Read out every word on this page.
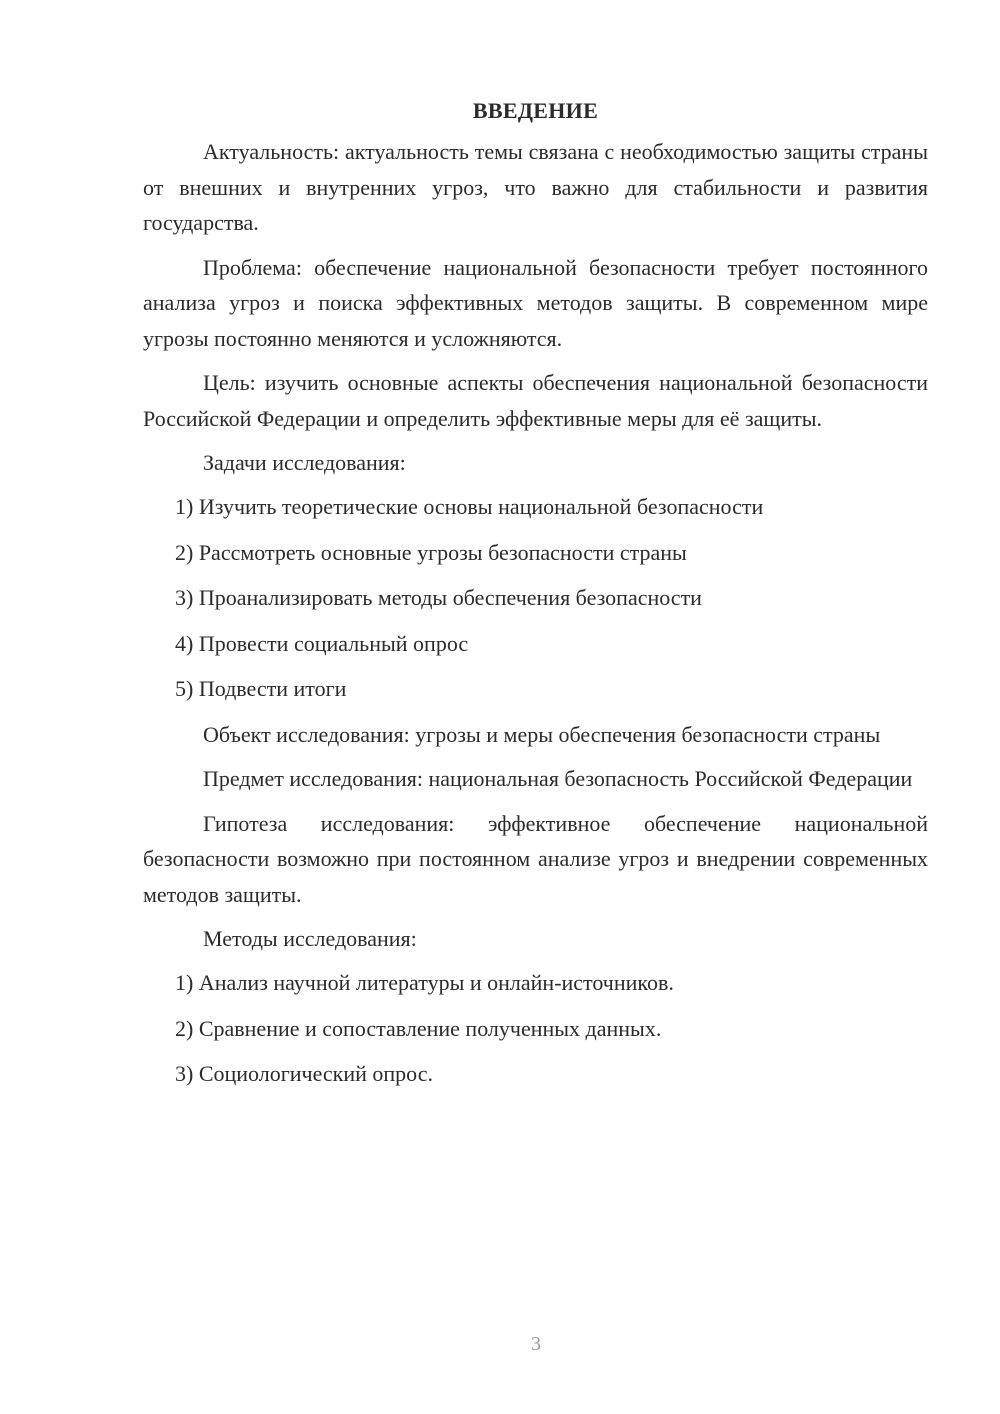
ВВЕДЕНИЕ

Актуальность: актуальность темы связана с необходимостью защиты страны от внешних и внутренних угроз, что важно для стабильности и развития государства.

Проблема: обеспечение национальной безопасности требует постоянного анализа угроз и поиска эффективных методов защиты. В современном мире угрозы постоянно меняются и усложняются.

Цель: изучить основные аспекты обеспечения национальной безопасности Российской Федерации и определить эффективные меры для её защиты.

Задачи исследования:
1) Изучить теоретические основы национальной безопасности
2) Рассмотреть основные угрозы безопасности страны
3) Проанализировать методы обеспечения безопасности
4) Провести социальный опрос
5) Подвести итоги

Объект исследования: угрозы и меры обеспечения безопасности страны

Предмет исследования: национальная безопасность Российской Федерации

Гипотеза исследования: эффективное обеспечение национальной безопасности возможно при постоянном анализе угроз и внедрении современных методов защиты.

Методы исследования:
1) Анализ научной литературы и онлайн-источников.
2) Сравнение и сопоставление полученных данных.
3) Социологический опрос.
3
